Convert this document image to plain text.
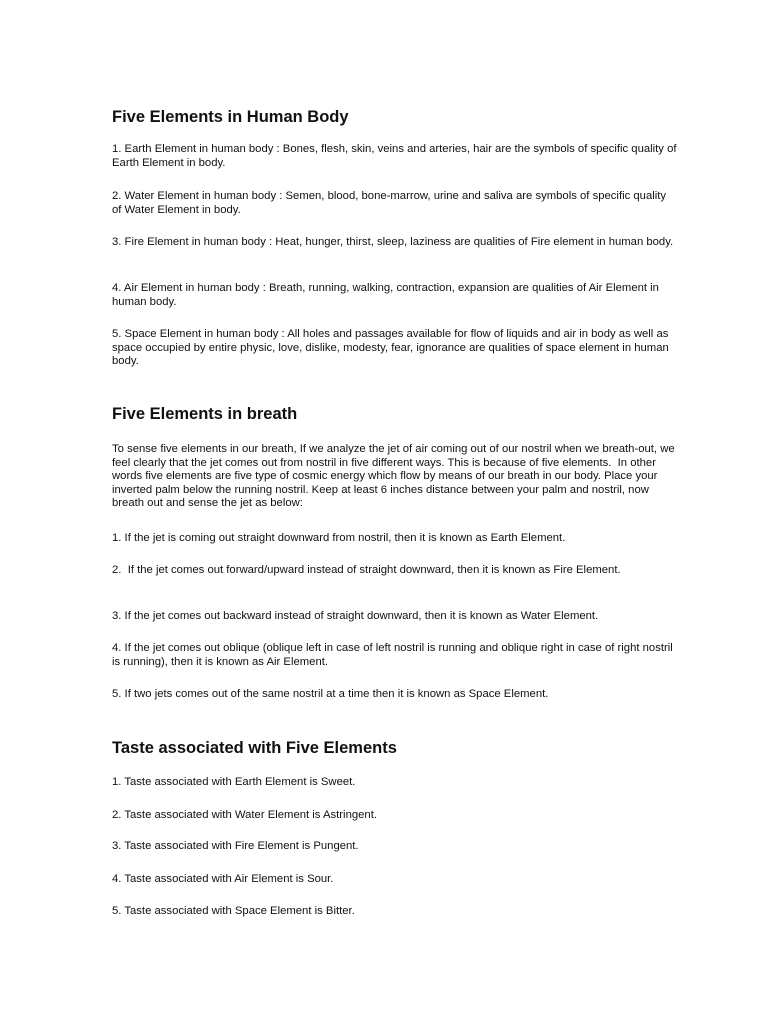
Five Elements in Human Body

1. Earth Element in human body : Bones, flesh, skin, veins and arteries, hair are the symbols of specific quality of Earth Element in body.

2. Water Element in human body : Semen, blood, bone-marrow, urine and saliva are symbols of specific quality of Water Element in body.

3. Fire Element in human body : Heat, hunger, thirst, sleep, laziness are qualities of Fire element in human body.

4. Air Element in human body : Breath, running, walking, contraction, expansion are qualities of Air Element in human body.

5. Space Element in human body : All holes and passages available for flow of liquids and air in body as well as space occupied by entire physic, love, dislike, modesty, fear, ignorance are qualities of space element in human body.

Five Elements in breath

To sense five elements in our breath, If we analyze the jet of air coming out of our nostril when we breath-out, we feel clearly that the jet comes out from nostril in five different ways. This is because of five elements.  In other words five elements are five type of cosmic energy which flow by means of our breath in our body. Place your inverted palm below the running nostril. Keep at least 6 inches distance between your palm and nostril, now breath out and sense the jet as below:

1. If the jet is coming out straight downward from nostril, then it is known as Earth Element.

2.  If the jet comes out forward/upward instead of straight downward, then it is known as Fire Element.

3. If the jet comes out backward instead of straight downward, then it is known as Water Element.

4. If the jet comes out oblique (oblique left in case of left nostril is running and oblique right in case of right nostril is running), then it is known as Air Element.

5. If two jets comes out of the same nostril at a time then it is known as Space Element.

Taste associated with Five Elements

1. Taste associated with Earth Element is Sweet.

2. Taste associated with Water Element is Astringent.

3. Taste associated with Fire Element is Pungent.

4. Taste associated with Air Element is Sour.

5. Taste associated with Space Element is Bitter.
